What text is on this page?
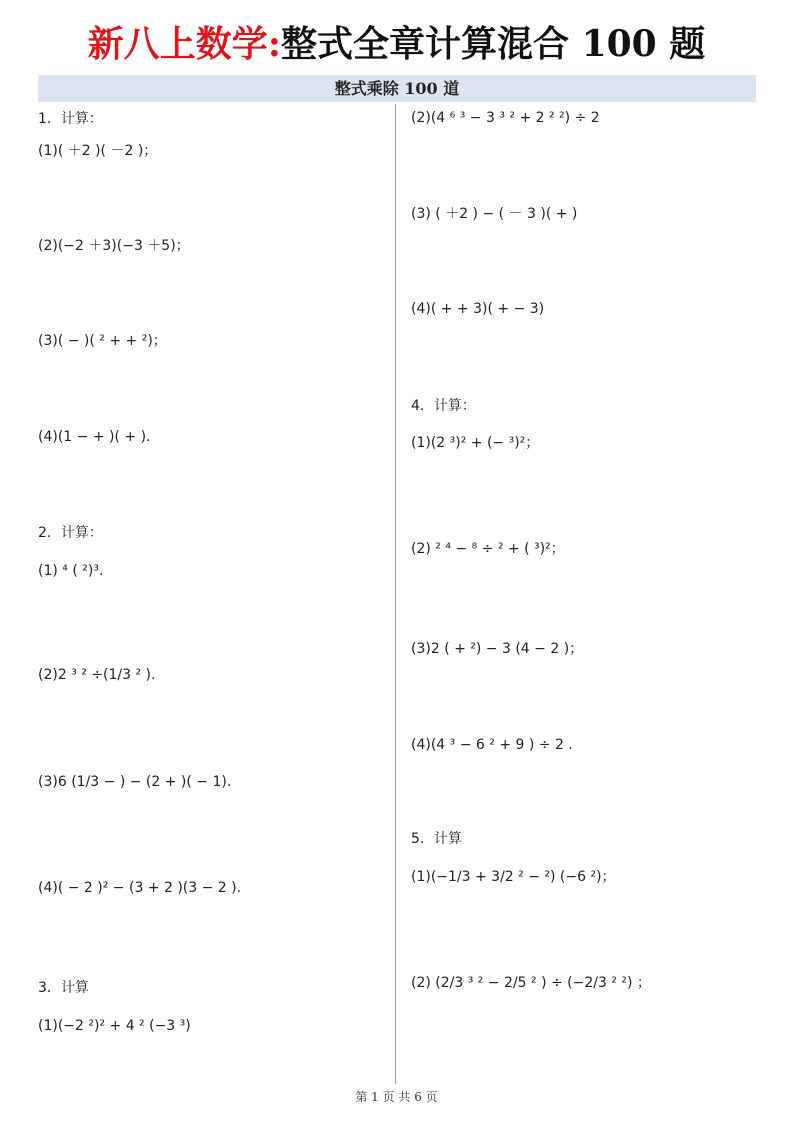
新八上数学:整式全章计算混合 100 题
整式乘除 100 道
1．计算：
(1)( ＋2 )( －2 )；
(2)(−2 ＋3)(−3 ＋5)；
(3)( − )( ² + + ²)；
(4)(1 − + )( + ).
2．计算：
(1) ⁴ ( ²)³.
(2)2 ³ ² ÷(1/3 ² ).
(3)6 (1/3 − ) − (2 + )( − 1).
(4)( − 2 )² − (3 + 2 )(3 − 2 ).
3．计算
(1)(−2 ²)² + 4 ² (−3 ³)
(2)(4 ⁶ ³ − 3 ³ ² + 2 ² ²) ÷ 2
(3) ( ＋2 ) − ( － 3 )( + )
(4)( + + 3)( + − 3)
4．计算：
(1)(2 ³)² + (− ³)²；
(2) ² ⁴ − ⁸ ÷ ² + ( ³)²；
(3)2 ( + ²) − 3 (4 − 2 )；
(4)(4 ³ − 6 ² + 9 ) ÷ 2 .
5．计算
(1)(−1/3 + 3/2 ² − ²) (−6 ²)；
(2) (2/3 ³ ² − 2/5 ² ) ÷ (−2/3 ² ²) ；
第 1 页 共 6 页
